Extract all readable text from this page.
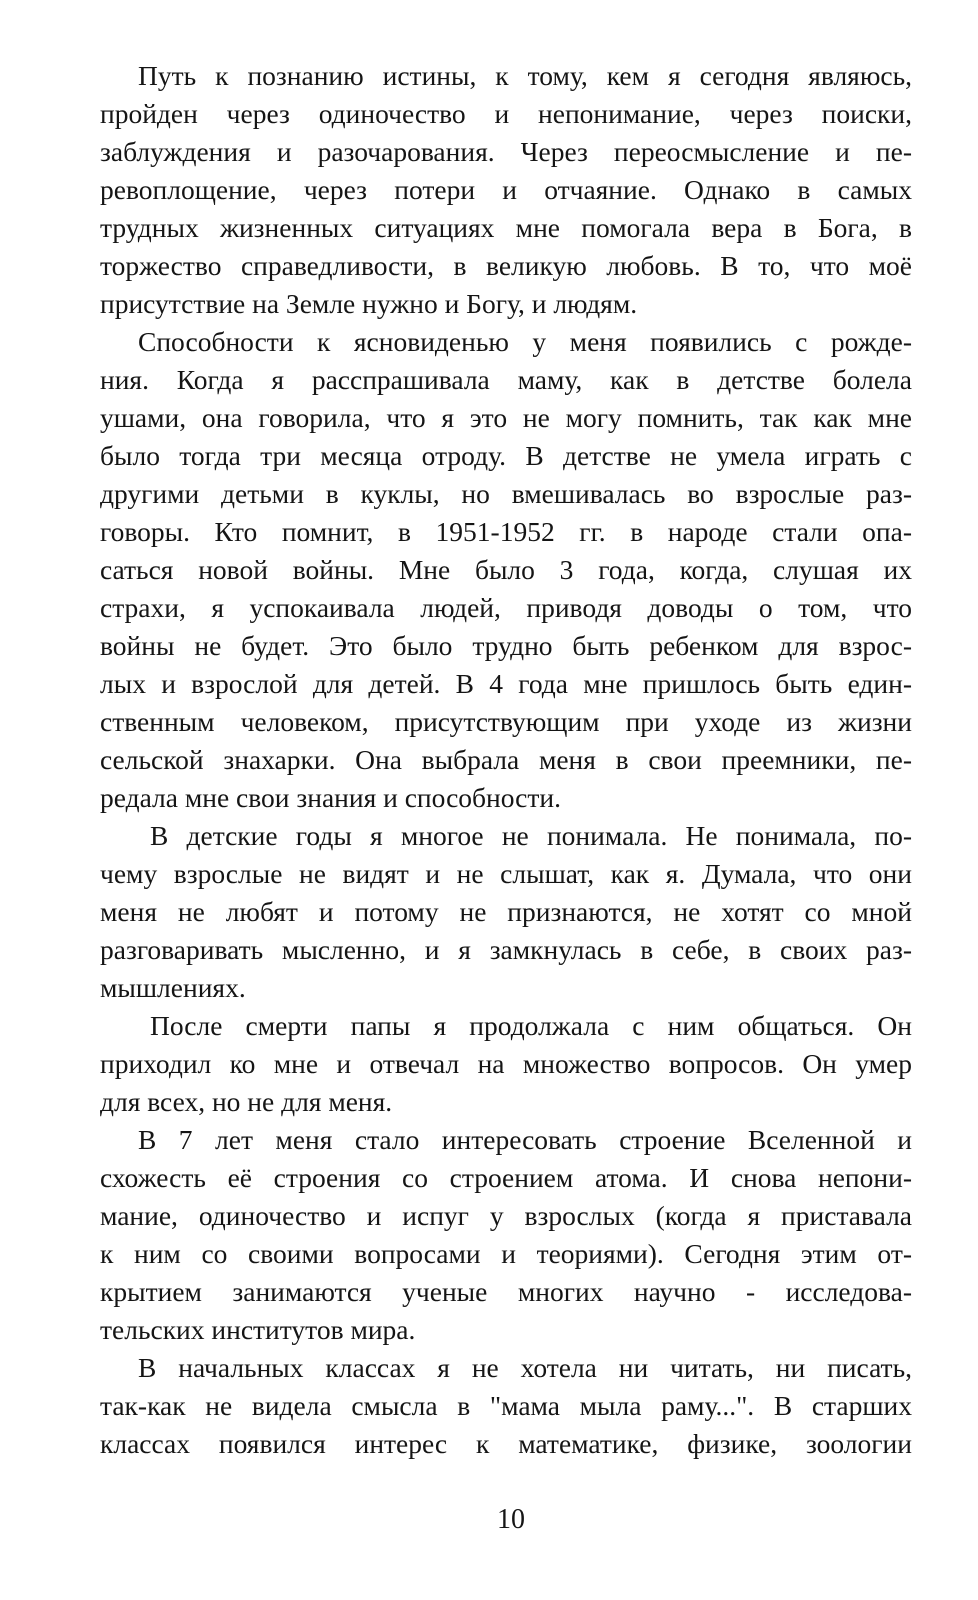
Путь к познанию истины, к тому, кем я сегодня являюсь,
пройден через одиночество и непонимание, через поиски,
заблуждения и разочарования. Через переосмысление и пе-
ревоплощение, через потери и отчаяние. Однако в самых
трудных жизненных ситуациях мне помогала вера в Бога, в
торжество справедливости, в великую любовь. В то, что моё
присутствие на Земле нужно и Богу, и людям.
Способности к ясновиденью у меня появились с рожде-
ния. Когда я расспрашивала маму, как в детстве болела
ушами, она говорила, что я это не могу помнить, так как мне
было тогда три месяца отроду. В детстве не умела играть с
другими детьми в куклы, но вмешивалась во взрослые раз-
говоры. Кто помнит, в 1951-1952 гг. в народе стали опа-
саться новой войны. Мне было 3 года, когда, слушая их
страхи, я успокаивала людей, приводя доводы о том, что
войны не будет. Это было трудно быть ребенком для взрос-
лых и взрослой для детей. В 4 года мне пришлось быть един-
ственным человеком, присутствующим при уходе из жизни
сельской знахарки. Она выбрала меня в свои преемники, пе-
редала мне свои знания и способности.
В детские годы я многое не понимала. Не понимала, по-
чему взрослые не видят и не слышат, как я. Думала, что они
меня не любят и потому не признаются, не хотят со мной
разговаривать мысленно, и я замкнулась в себе, в своих раз-
мышлениях.
После смерти папы я продолжала с ним общаться. Он
приходил ко мне и отвечал на множество вопросов. Он умер
для всех, но не для меня.
В 7 лет меня стало интересовать строение Вселенной и
схожесть её строения со строением атома. И снова непони-
мание, одиночество и испуг у взрослых (когда я приставала
к ним со своими вопросами и теориями). Сегодня этим от-
крытием занимаются ученые многих научно - исследова-
тельских институтов мира.
В начальных классах я не хотела ни читать, ни писать,
так-как не видела смысла в "мама мыла раму...". В старших
классах появился интерес к математике, физике, зоологии
10
